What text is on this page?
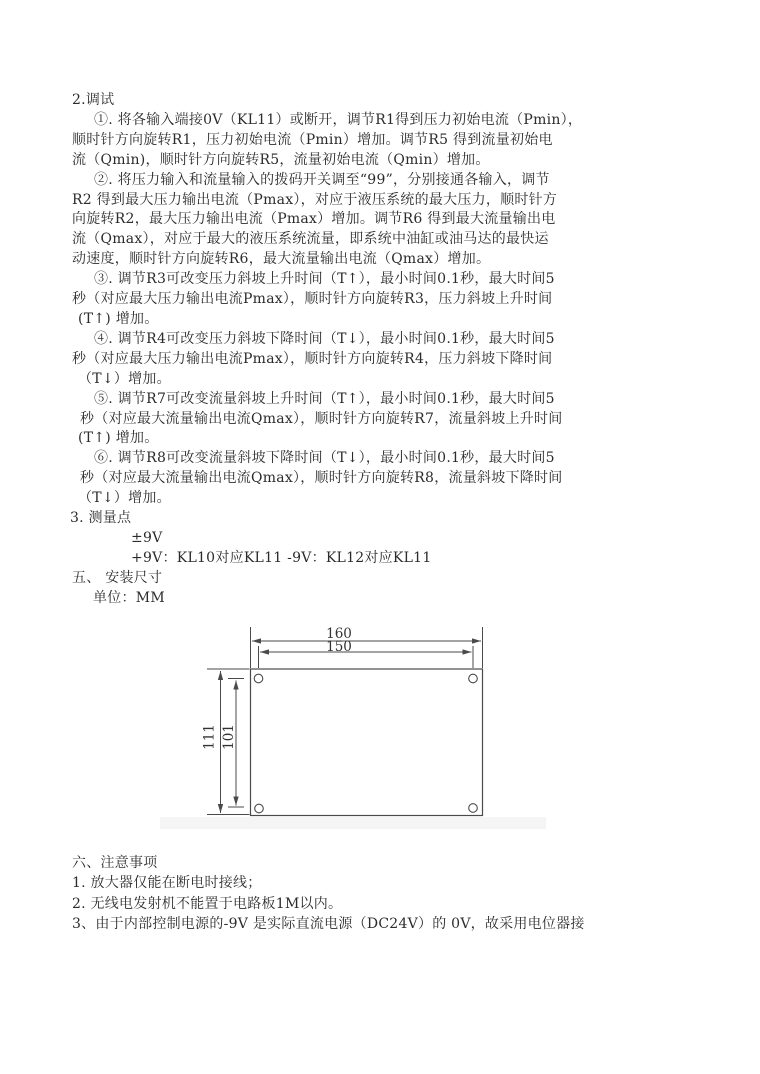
2.调试
①. 将各输入端接0V（KL11）或断开，调节R1得到压力初始电流（Pmin），
顺时针方向旋转R1，压力初始电流（Pmin）增加。调节R5 得到流量初始电
流（Qmin)，顺时针方向旋转R5，流量初始电流（Qmin）增加。
②. 将压力输入和流量输入的拨码开关调至“99”，分别接通各输入，调节
R2 得到最大压力输出电流（Pmax），对应于液压系统的最大压力，顺时针方
向旋转R2，最大压力输出电流（Pmax）增加。调节R6 得到最大流量输出电
流（Qmax），对应于最大的液压系统流量，即系统中油缸或油马达的最快运
动速度，顺时针方向旋转R6，最大流量输出电流（Qmax）增加。
③. 调节R3可改变压力斜坡上升时间（T↑），最小时间0.1秒，最大时间5
秒（对应最大压力输出电流Pmax），顺时针方向旋转R3，压力斜坡上升时间
(T↑) 增加。
④. 调节R4可改变压力斜坡下降时间（T↓），最小时间0.1秒，最大时间5
秒（对应最大压力输出电流Pmax），顺时针方向旋转R4，压力斜坡下降时间
（T↓）增加。
⑤. 调节R7可改变流量斜坡上升时间（T↑），最小时间0.1秒，最大时间5
秒（对应最大流量输出电流Qmax），顺时针方向旋转R7，流量斜坡上升时间
(T↑) 增加。
⑥. 调节R8可改变流量斜坡下降时间（T↓），最小时间0.1秒，最大时间5
秒（对应最大流量输出电流Qmax），顺时针方向旋转R8，流量斜坡下降时间
（T↓）增加。
3. 测量点
±9V
+9V：KL10对应KL11 -9V：KL12对应KL11
五、 安装尺寸
单位：MM
160
150
111 101
六、注意事项
1. 放大器仅能在断电时接线；
2. 无线电发射机不能置于电路板1M以内。
3、由于内部控制电源的-9V 是实际直流电源（DC24V）的 0V，故采用电位器接
